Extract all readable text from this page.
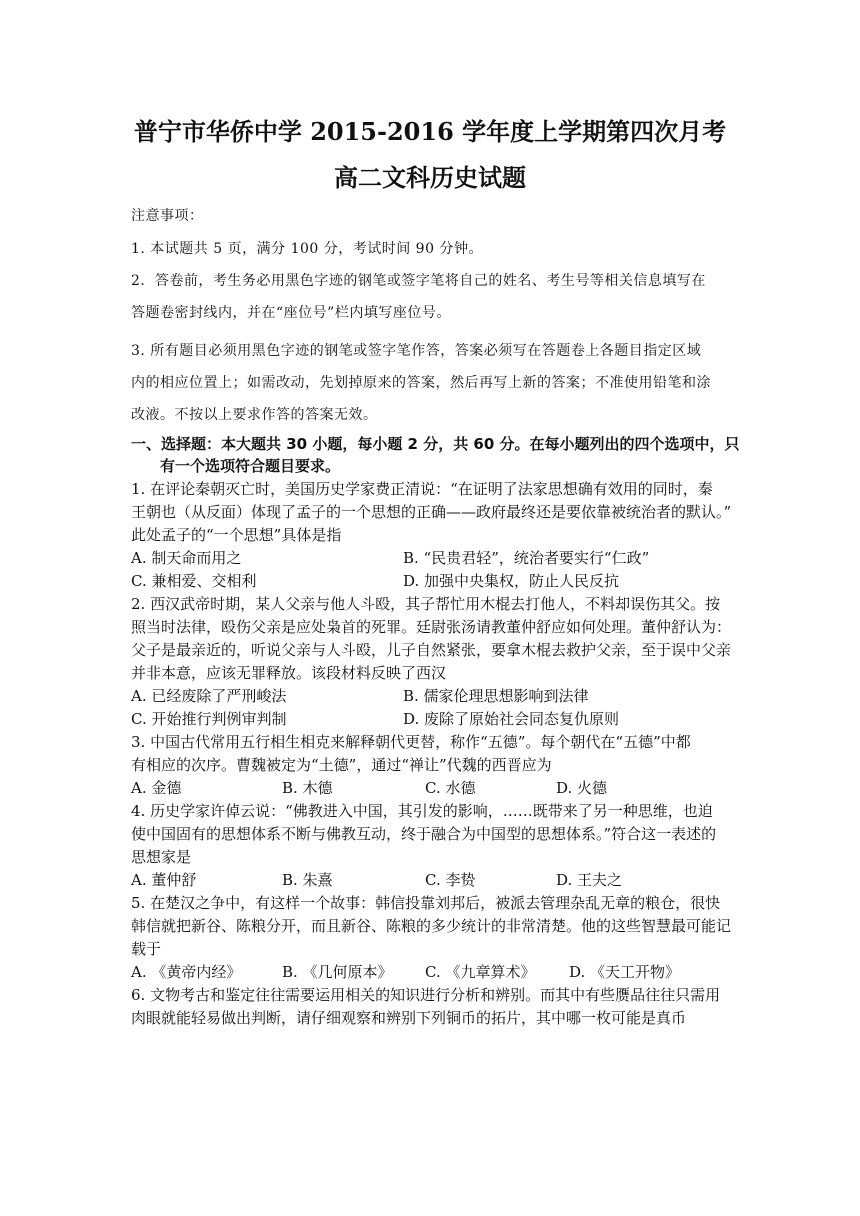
普宁市华侨中学 2015-2016 学年度上学期第四次月考
高二文科历史试题
注意事项：
1. 本试题共 5 页，满分 100 分，考试时间 90 分钟。
2．答卷前，考生务必用黑色字迹的钢笔或签字笔将自己的姓名、考生号等相关信息填写在
答题卷密封线内，并在“座位号”栏内填写座位号。
3. 所有题目必须用黑色字迹的钢笔或签字笔作答，答案必须写在答题卷上各题目指定区域
内的相应位置上；如需改动，先划掉原来的答案，然后再写上新的答案；不准使用铅笔和涂
改液。不按以上要求作答的答案无效。
一、选择题：本大题共 30 小题，每小题 2 分，共 60 分。在每小题列出的四个选项中，只
有一个选项符合题目要求。
1. 在评论秦朝灭亡时，美国历史学家费正清说：“在证明了法家思想确有效用的同时，秦
王朝也（从反面）体现了孟子的一个思想的正确——政府最终还是要依靠被统治者的默认。”
此处孟子的“一个思想”具体是指
A. 制天命而用之	B. “民贵君轻”，统治者要实行“仁政”
C. 兼相爱、交相利	D. 加强中央集权，防止人民反抗
2. 西汉武帝时期，某人父亲与他人斗殴，其子帮忙用木棍去打他人，不料却误伤其父。按
照当时法律，殴伤父亲是应处枭首的死罪。廷尉张汤请教董仲舒应如何处理。董仲舒认为：
父子是最亲近的，听说父亲与人斗殴，儿子自然紧张，要拿木棍去救护父亲，至于误中父亲
并非本意，应该无罪释放。该段材料反映了西汉
A. 已经废除了严刑峻法	B. 儒家伦理思想影响到法律
C. 开始推行判例审判制	D. 废除了原始社会同态复仇原则
3. 中国古代常用五行相生相克来解释朝代更替，称作“五德”。每个朝代在“五德”中都
有相应的次序。曹魏被定为“土德”，通过“禅让”代魏的西晋应为
A. 金德	B. 木德	C. 水德	D. 火德
4. 历史学家许倬云说：“佛教进入中国，其引发的影响，……既带来了另一种思维，也迫
使中国固有的思想体系不断与佛教互动，终于融合为中国型的思想体系。”符合这一表述的
思想家是
A. 董仲舒	B. 朱熹	C. 李贽	D. 王夫之
5. 在楚汉之争中，有这样一个故事：韩信投靠刘邦后，被派去管理杂乱无章的粮仓，很快
韩信就把新谷、陈粮分开，而且新谷、陈粮的多少统计的非常清楚。他的这些智慧最可能记
载于
A. 《黄帝内经》	B. 《几何原本》 C. 《九章算术》 D. 《天工开物》
6. 文物考古和鉴定往往需要运用相关的知识进行分析和辨别。而其中有些赝品往往只需用
肉眼就能轻易做出判断，请仔细观察和辨别下列铜币的拓片，其中哪一枚可能是真币
